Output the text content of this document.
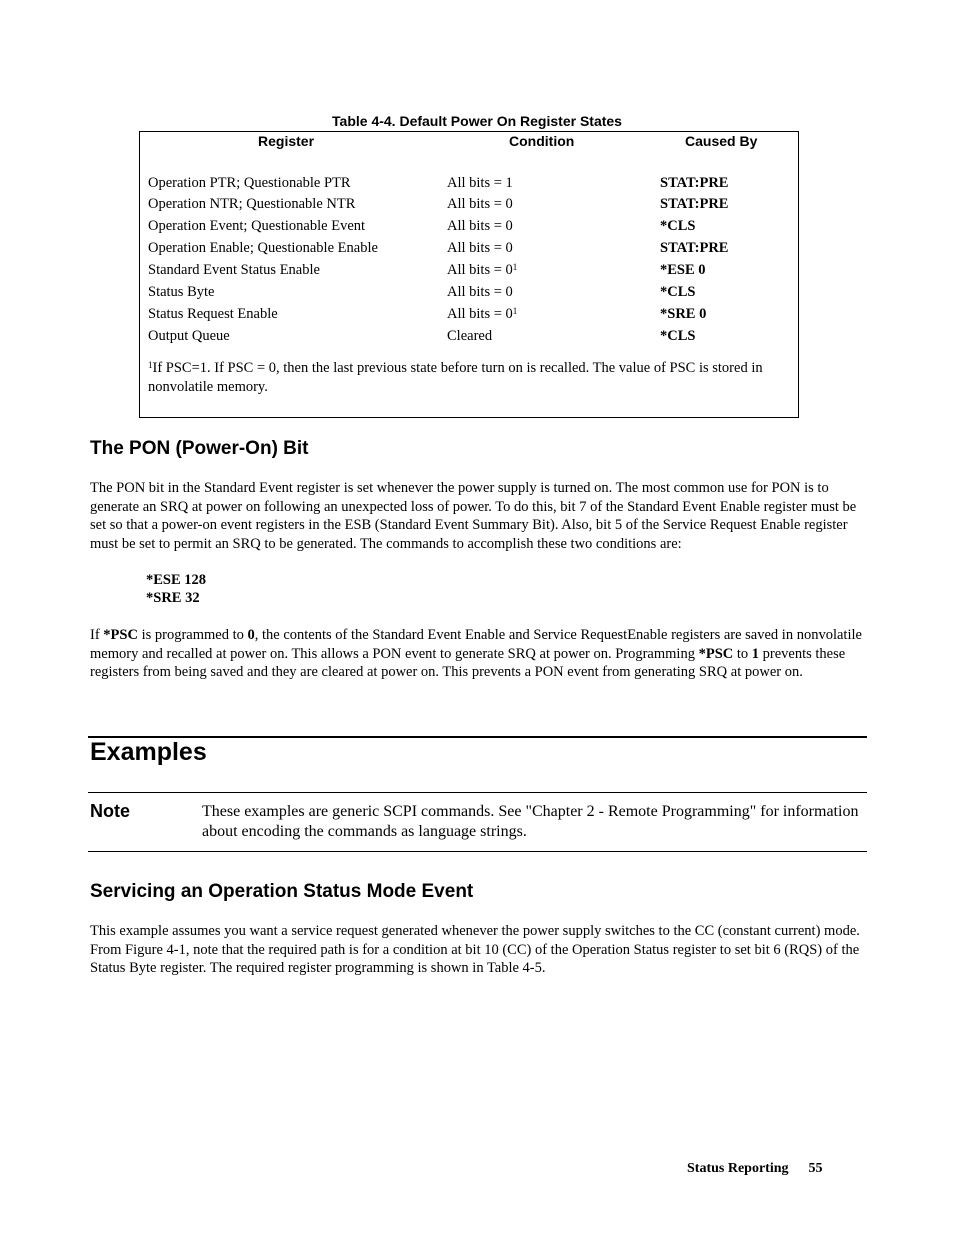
Table 4-4. Default Power On Register States
Register	Condition	Caused By
Operation PTR; Questionable PTR	All bits = 1	STAT:PRE
Operation NTR; Questionable NTR	All bits = 0	STAT:PRE
Operation Event; Questionable Event	All bits = 0	*CLS
Operation Enable; Questionable Enable	All bits = 0	STAT:PRE
Standard Event Status Enable	All bits = $0^1$	*ESE 0
Status Byte	All bits = 0	*CLS
Status Request Enable	All bits = $0^1$	*SRE 0
Output Queue	Cleared	*CLS
$^1$If PSC=1. If PSC = 0, then the last previous state before turn on is recalled. The value of PSC is stored in nonvolatile memory.
The PON (Power-On) Bit
The PON bit in the Standard Event register is set whenever the power supply is turned on. The most common use for PON is to generate an SRQ at power on following an unexpected loss of power. To do this, bit 7 of the Standard Event Enable register must be set so that a power-on event registers in the ESB (Standard Event Summary Bit). Also, bit 5 of the Service Request Enable register must be set to permit an SRQ to be generated. The commands to accomplish these two conditions are:
*ESE 128
*SRE 32
If *PSC is programmed to 0, the contents of the Standard Event Enable and Service RequestEnable registers are saved in nonvolatile memory and recalled at power on. This allows a PON event to generate SRQ at power on. Programming *PSC to 1 prevents these registers from being saved and they are cleared at power on. This prevents a PON event from generating SRQ at power on.
Examples
Note	These examples are generic SCPI commands. See "Chapter 2 - Remote Programming" for information about encoding the commands as language strings.
Servicing an Operation Status Mode Event
This example assumes you want a service request generated whenever the power supply switches to the CC (constant current) mode. From Figure 4-1, note that the required path is for a condition at bit 10 (CC) of the Operation Status register to set bit 6 (RQS) of the Status Byte register. The required register programming is shown in Table 4-5.
Status Reporting 55
